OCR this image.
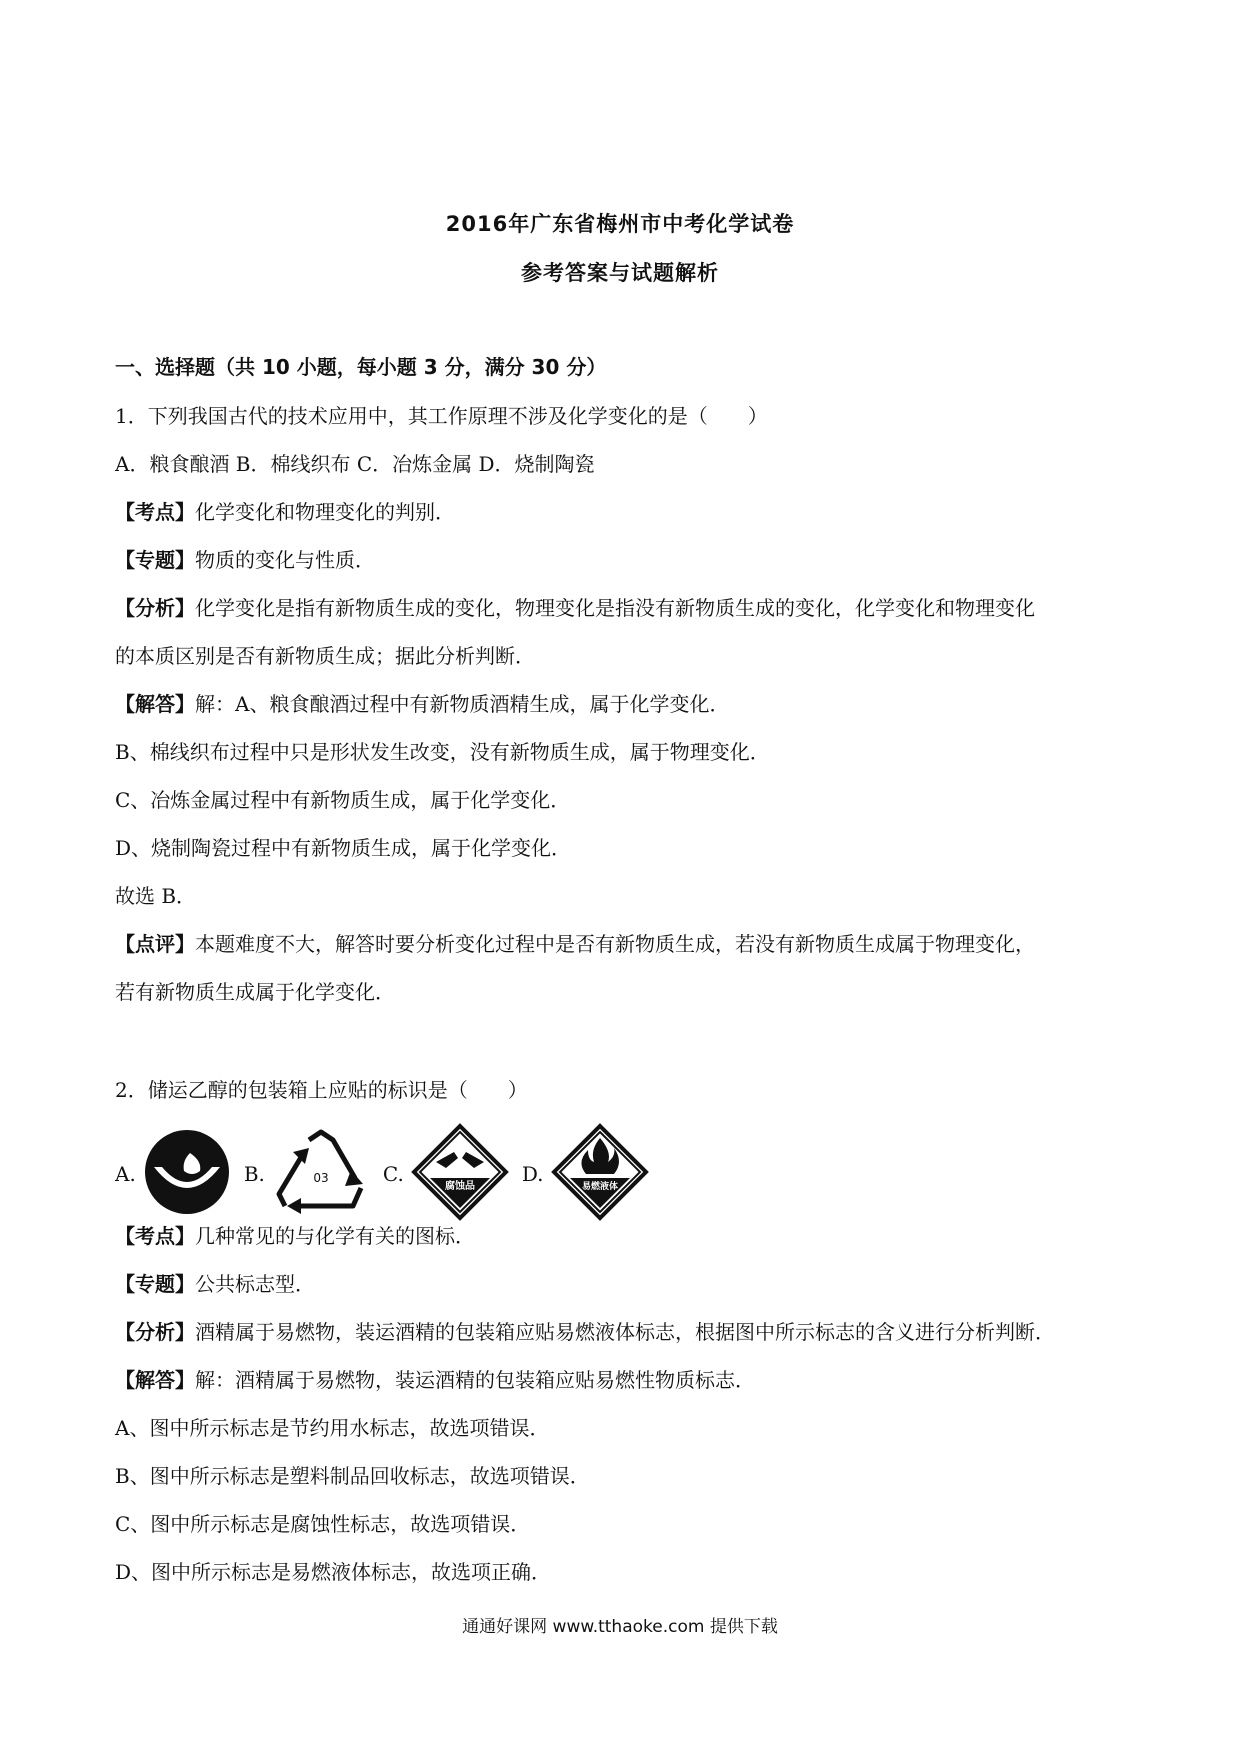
2016年广东省梅州市中考化学试卷
参考答案与试题解析
一、选择题（共 10 小题，每小题 3 分，满分 30 分）
1．下列我国古代的技术应用中，其工作原理不涉及化学变化的是（　　）
A．粮食酿酒 B．棉线织布 C．冶炼金属 D．烧制陶瓷
【考点】化学变化和物理变化的判别．
【专题】物质的变化与性质．
【分析】化学变化是指有新物质生成的变化，物理变化是指没有新物质生成的变化，化学变化和物理变化
的本质区别是否有新物质生成；据此分析判断．
【解答】解：A、粮食酿酒过程中有新物质酒精生成，属于化学变化．
B、棉线织布过程中只是形状发生改变，没有新物质生成，属于物理变化．
C、冶炼金属过程中有新物质生成，属于化学变化．
D、烧制陶瓷过程中有新物质生成，属于化学变化．
故选 B．
【点评】本题难度不大，解答时要分析变化过程中是否有新物质生成，若没有新物质生成属于物理变化，
若有新物质生成属于化学变化．
2．储运乙醇的包装箱上应贴的标识是（　　）
A.	B.	03	C.	腐蚀品 D.
易燃液体
【考点】几种常见的与化学有关的图标．
【专题】公共标志型．
【分析】酒精属于易燃物，装运酒精的包装箱应贴易燃液体标志，根据图中所示标志的含义进行分析判断．
【解答】解：酒精属于易燃物，装运酒精的包装箱应贴易燃性物质标志．
A、图中所示标志是节约用水标志，故选项错误．
B、图中所示标志是塑料制品回收标志，故选项错误．
C、图中所示标志是腐蚀性标志，故选项错误．
D、图中所示标志是易燃液体标志，故选项正确．
通通好课网 www.tthaoke.com 提供下载
